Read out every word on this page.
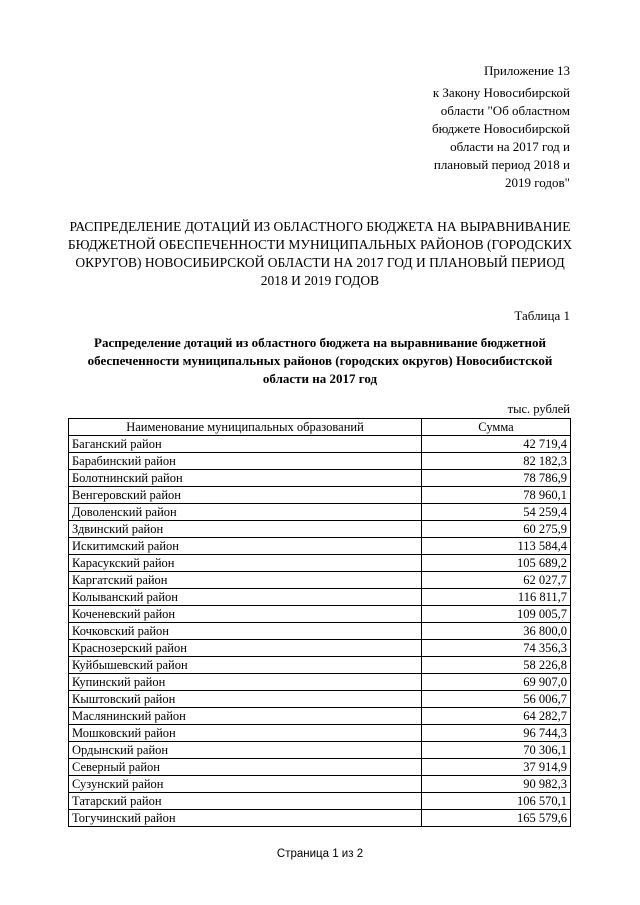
Приложение 13
к Закону Новосибирской
области "Об областном
бюджете Новосибирской
области на 2017 год и
плановый период 2018 и
2019 годов"
РАСПРЕДЕЛЕНИЕ ДОТАЦИЙ ИЗ ОБЛАСТНОГО БЮДЖЕТА НА ВЫРАВНИВАНИЕ
БЮДЖЕТНОЙ ОБЕСПЕЧЕННОСТИ МУНИЦИПАЛЬНЫХ РАЙОНОВ (ГОРОДСКИХ
ОКРУГОВ) НОВОСИБИРСКОЙ ОБЛАСТИ НА 2017 ГОД И ПЛАНОВЫЙ ПЕРИОД
2018 И 2019 ГОДОВ
Таблица 1
Распределение дотаций из областного бюджета на выравнивание бюджетной
обеспеченности муниципальных районов (городских округов) Новосибистской
области на 2017 год
тыс. рублей
Наименование муниципальных образований	Сумма
Баганский район	42 719,4
Барабинский район	82 182,3
Болотнинский район	78 786,9
Венгеровский район	78 960,1
Доволенский район	54 259,4
Здвинский район	60 275,9
Искитимский район	113 584,4
Карасукский район	105 689,2
Каргатский район	62 027,7
Колыванский район	116 811,7
Коченевский район	109 005,7
Кочковский район	36 800,0
Краснозерский район	74 356,3
Куйбышевский район	58 226,8
Купинский район	69 907,0
Кыштовский район	56 006,7
Маслянинский район	64 282,7
Мошковский район	96 744,3
Ордынский район	70 306,1
Северный район	37 914,9
Сузунский район	90 982,3
Татарский район	106 570,1
Тогучинский район	165 579,6
Страница 1 из 2
